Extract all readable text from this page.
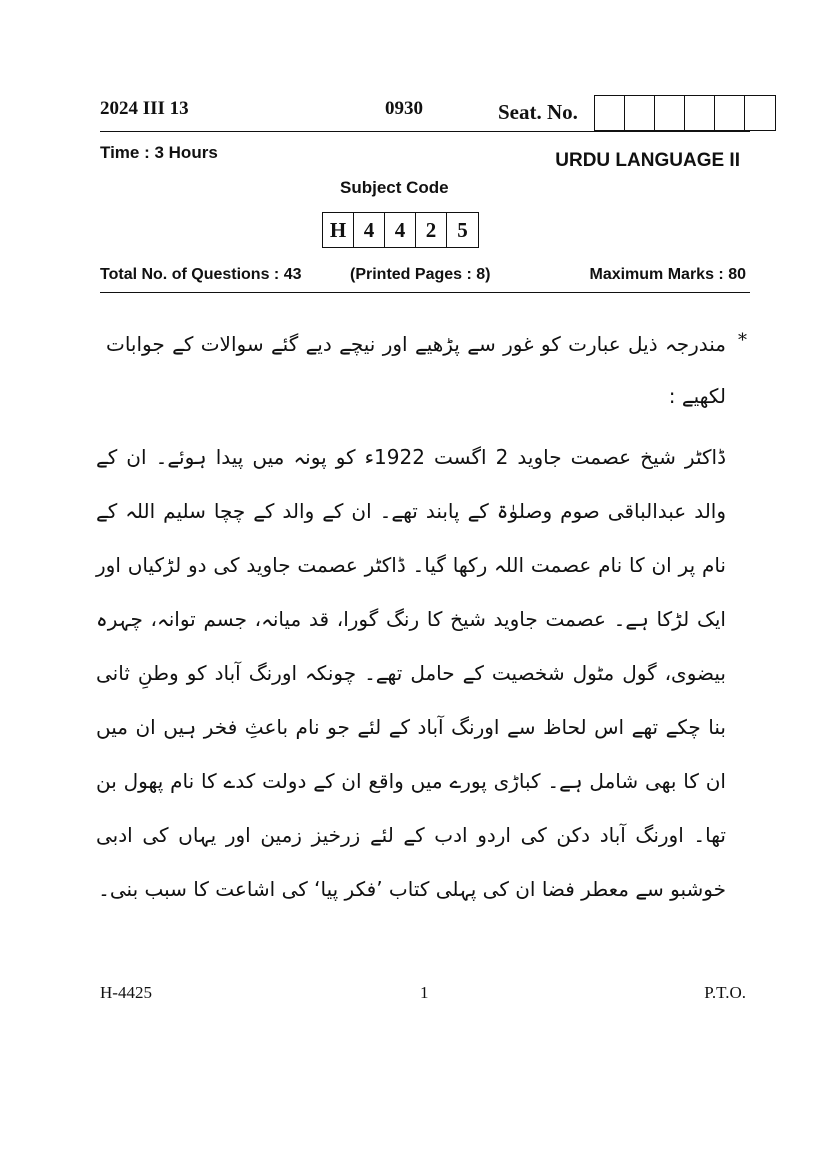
2024 III 13	0930	Seat. No.
Time : 3 Hours	URDU LANGUAGE II
Subject Code
H 4 4 2	5
Total No. of Questions : 43	(Printed Pages : 8)	Maximum Marks : 80
*
مندرجہ ذیل عبارت کو غور سے پڑھیے اور نیچے دیے گئے سوالات کے جوابات لکھیے :
ڈاکٹر شیخ عصمت جاوید 2 اگست 1922ء کو پونہ میں پیدا ہوئے۔ ان کے والد عبدالباقی صوم وصلوٰۃ کے پابند تھے۔ ان کے والد کے چچا سلیم اللہ کے نام پر ان کا نام عصمت اللہ رکھا گیا۔ ڈاکٹر عصمت جاوید کی دو لڑکیاں اور ایک لڑکا ہے۔ عصمت جاوید شیخ کا رنگ گورا، قد میانہ، جسم توانہ، چہرہ بیضوی، گول مٹول شخصیت کے حامل تھے۔ چونکہ اورنگ آباد کو وطنِ ثانی بنا چکے تھے اس لحاظ سے اورنگ آباد کے لئے جو نام باعثِ فخر ہیں ان میں ان کا بھی شامل ہے۔ کباڑی پورے میں واقع ان کے دولت کدے کا نام پھول بن تھا۔ اورنگ آباد دکن کی اردو ادب کے لئے زرخیز زمین اور یہاں کی ادبی خوشبو سے معطر فضا ان کی پہلی کتاب ’فکر پیا‘ کی اشاعت کا سبب بنی۔
H-4425	1	P.T.O.
